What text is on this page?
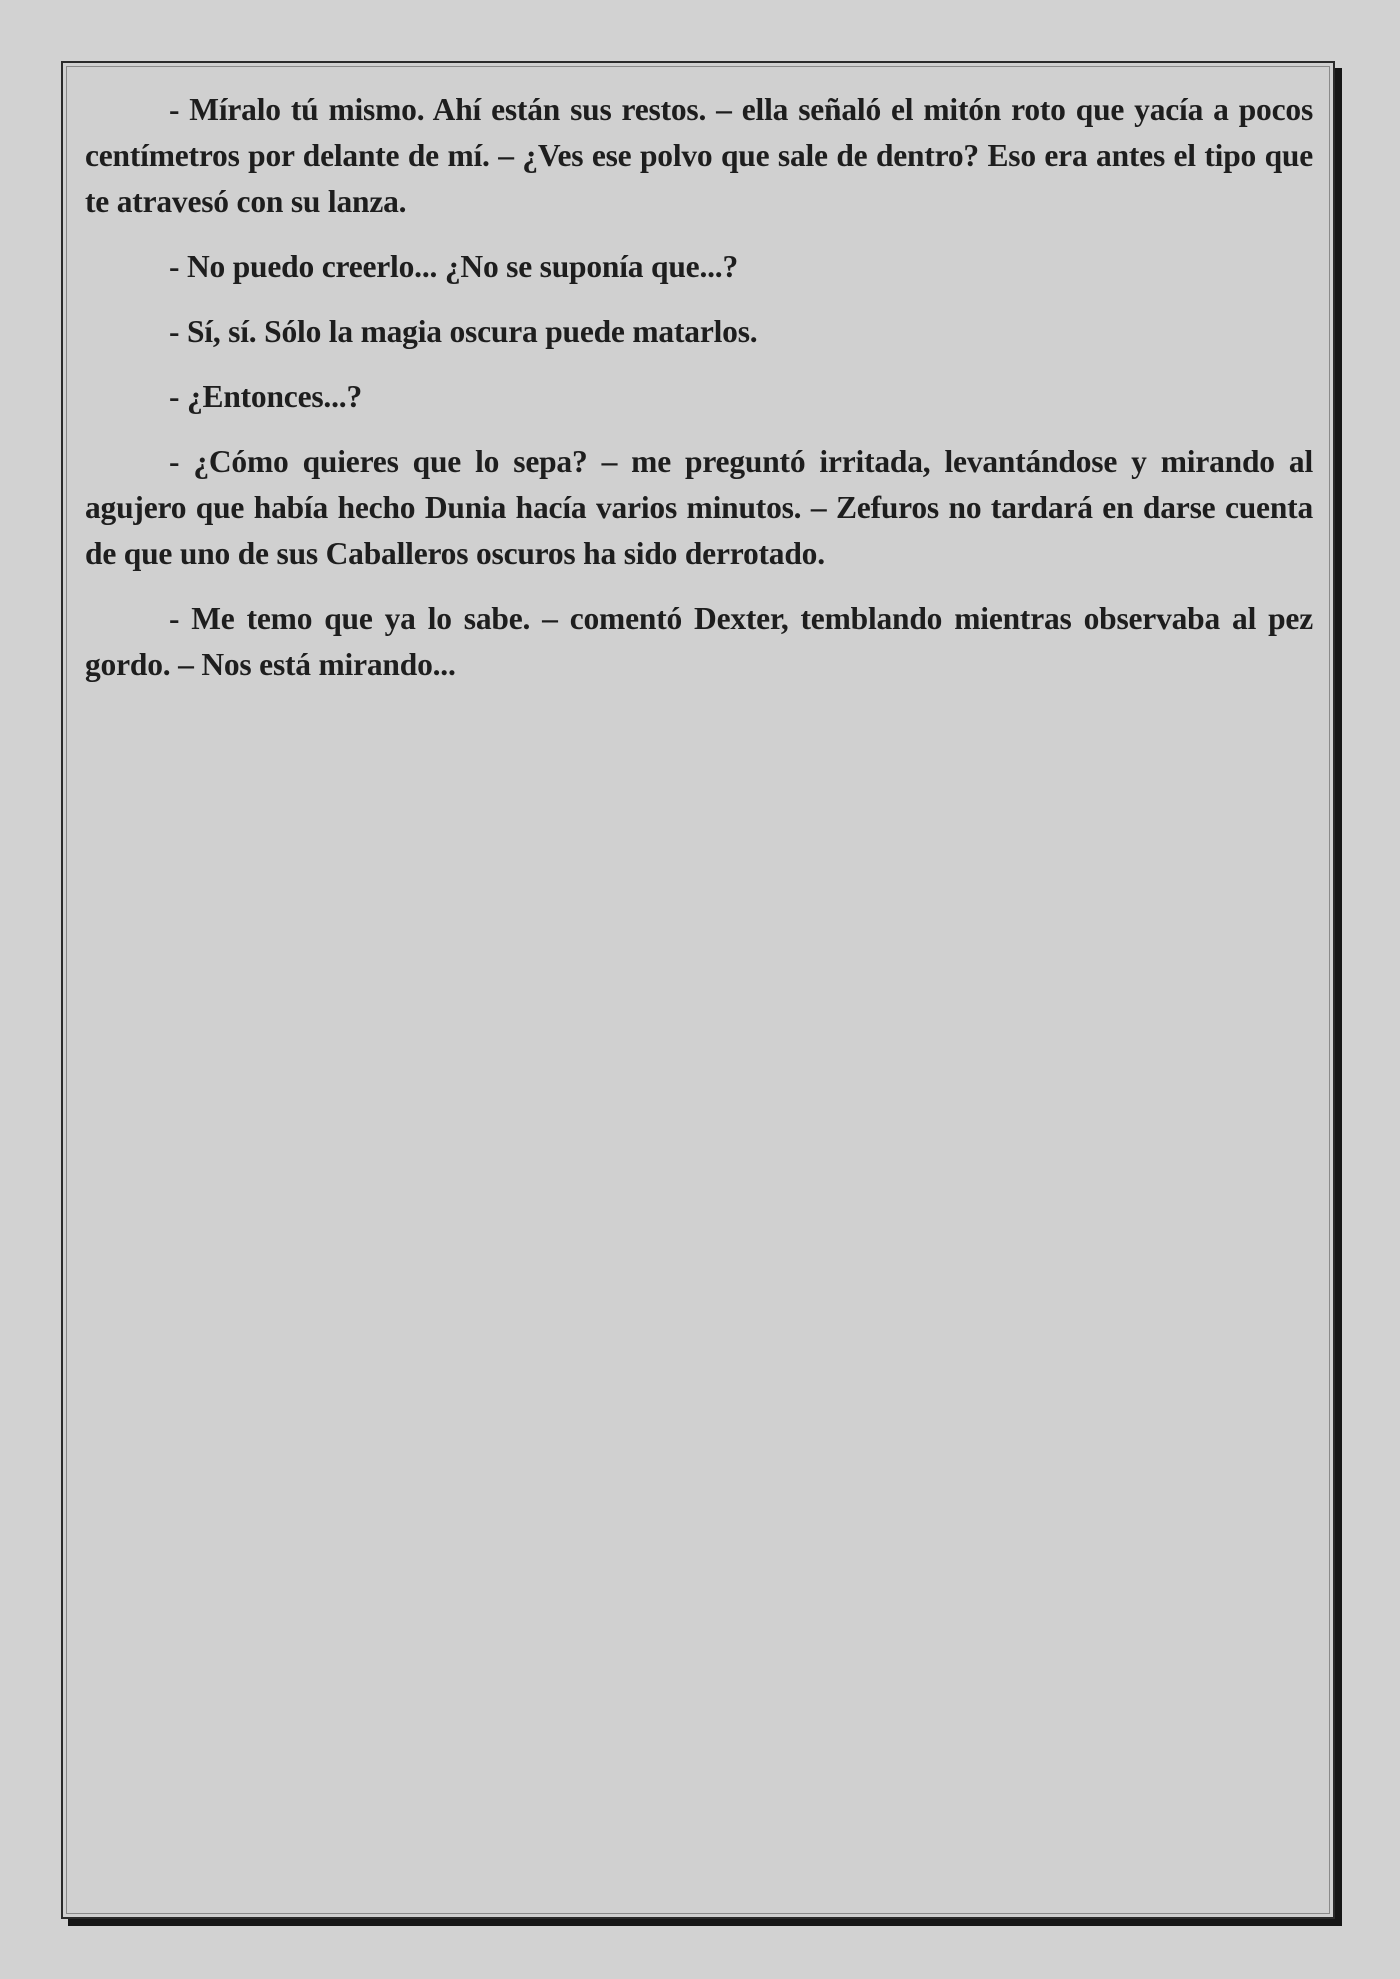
- Míralo tú mismo. Ahí están sus restos. – ella señaló el mitón roto que yacía a pocos centímetros por delante de mí. – ¿Ves ese polvo que sale de dentro? Eso era antes el tipo que te atravesó con su lanza.

- No puedo creerlo... ¿No se suponía que...?

- Sí, sí. Sólo la magia oscura puede matarlos.

- ¿Entonces...?

- ¿Cómo quieres que lo sepa? – me preguntó irritada, levantándose y mirando al agujero que había hecho Dunia hacía varios minutos. – Zefuros no tardará en darse cuenta de que uno de sus Caballeros oscuros ha sido derrotado.

- Me temo que ya lo sabe. – comentó Dexter, temblando mientras observaba al pez gordo. – Nos está mirando...
